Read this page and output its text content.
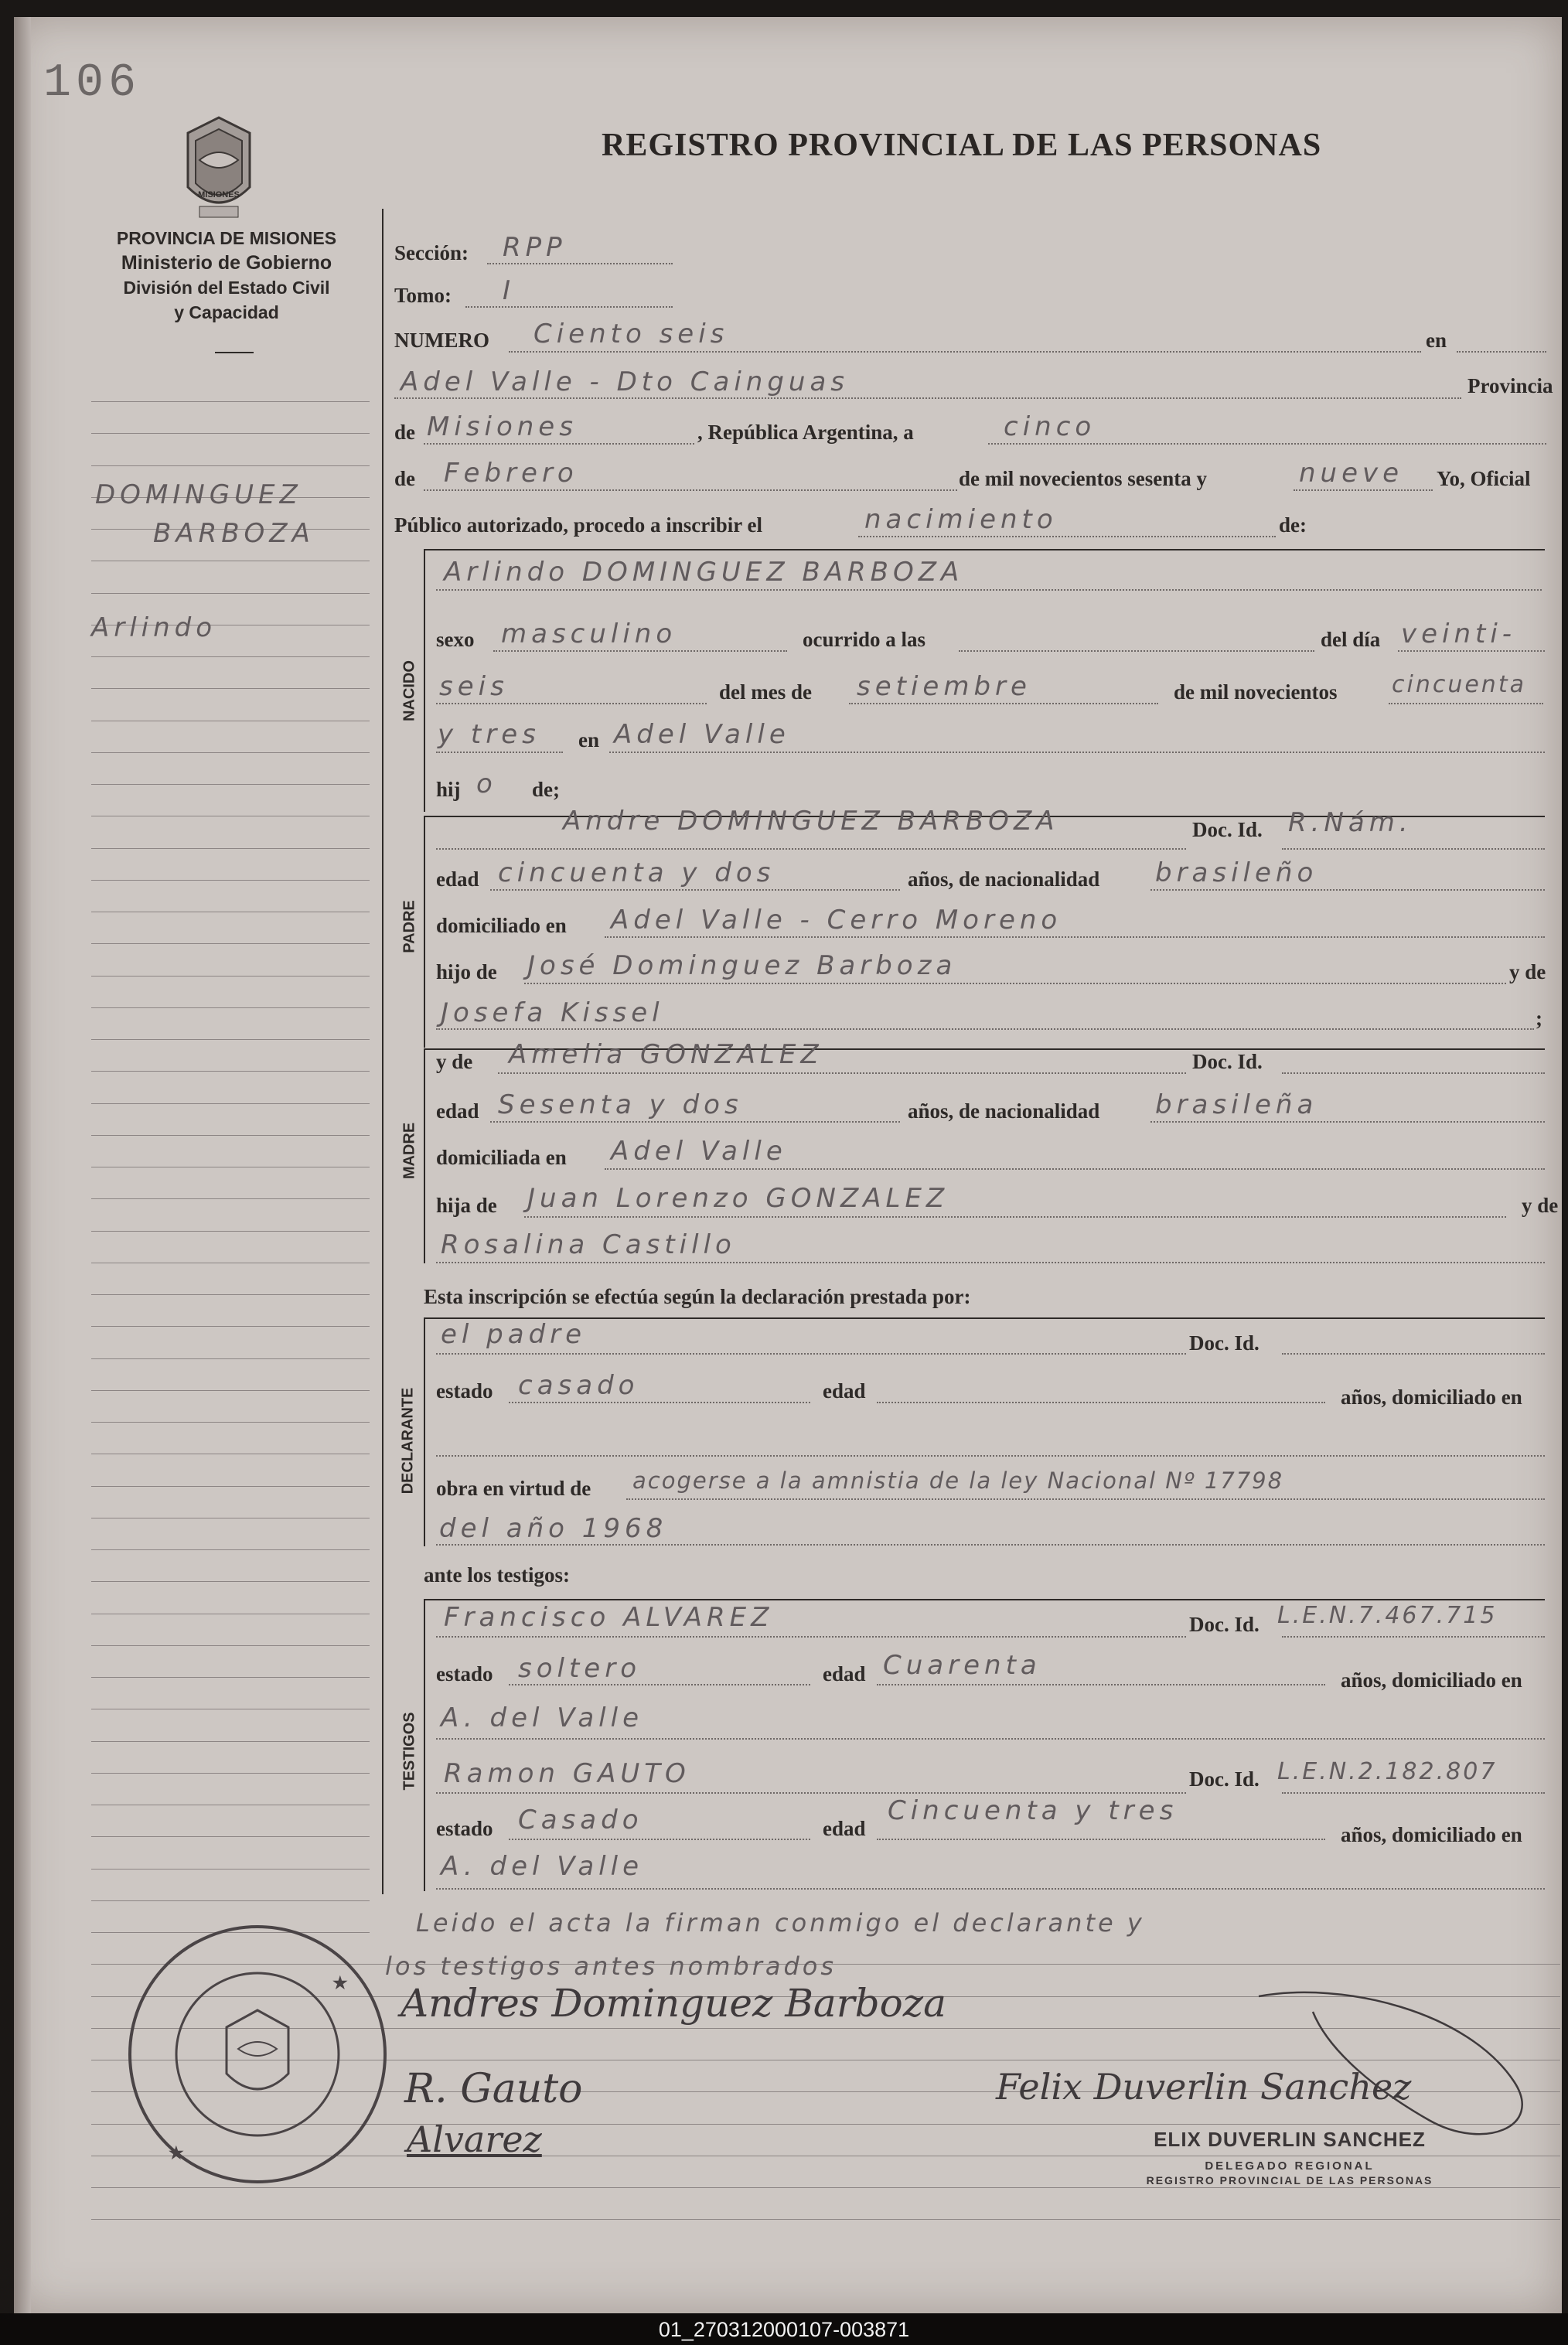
106
MISIONES
REGISTRO PROVINCIAL DE LAS PERSONAS
PROVINCIA DE MISIONES
Ministerio de Gobierno
División del Estado Civil
y Capacidad
DOMINGUEZ
BARBOZA
Arlindo
Sección: RPP
Tomo: I
NUMERO Ciento seis	en
Adel Valle - Dto Cainguas	Provincia
de Misiones	, República Argentina, a	cinco
de Febrero	de mil novecientos sesenta y	nueve Yo, Oficial
Público autorizado, procedo a inscribir el	nacimiento	de:
NACIDO
Arlindo DOMINGUEZ BARBOZA
sexo masculino	ocurrido a las	del día veinti-
seis	del mes de setiembre	de mil novecientos cincuenta
y tres en Adel Valle
hij o de;
PADRE
Andre DOMINGUEZ BARBOZA	Doc. Id. R.Nám.
edad cincuenta y dos	años, de nacionalidad brasileño
domiciliado en Adel Valle - Cerro Moreno
hijo de José Dominguez Barboza	y de
Josefa Kissel	;
MADRE
y de Amelia GONZALEZ	Doc. Id.
edad Sesenta y dos	años, de nacionalidad brasileña
domiciliada en Adel Valle
hija de Juan Lorenzo GONZALEZ	y de
Rosalina Castillo
Esta inscripción se efectúa según la declaración prestada por:
DECLARANTE
el padre	Doc. Id.
estado casado	edad	años, domiciliado en
obra en virtud de acogerse a la amnistia de la ley Nacional Nº 17798
del año 1968
ante los testigos:
TESTIGOS
Francisco ALVAREZ	Doc. Id. L.E.N.7.467.715
estado soltero	edad Cuarenta	años, domiciliado en
A. del Valle
Ramon GAUTO	Doc. Id. L.E.N.2.182.807
estado Casado	edad
Cincuenta y tres
años, domiciliado en
A. del Valle
Leido el acta la firman conmigo el declarante y
los testigos antes nombrados
Andres Dominguez Barboza
R. Gauto
Alvarez
Felix Duverlin Sanchez
ELIX DUVERLIN SANCHEZ
DELEGADO REGIONAL
REGISTRO PROVINCIAL DE LAS PERSONAS
★
★
01_270312000107-003871
